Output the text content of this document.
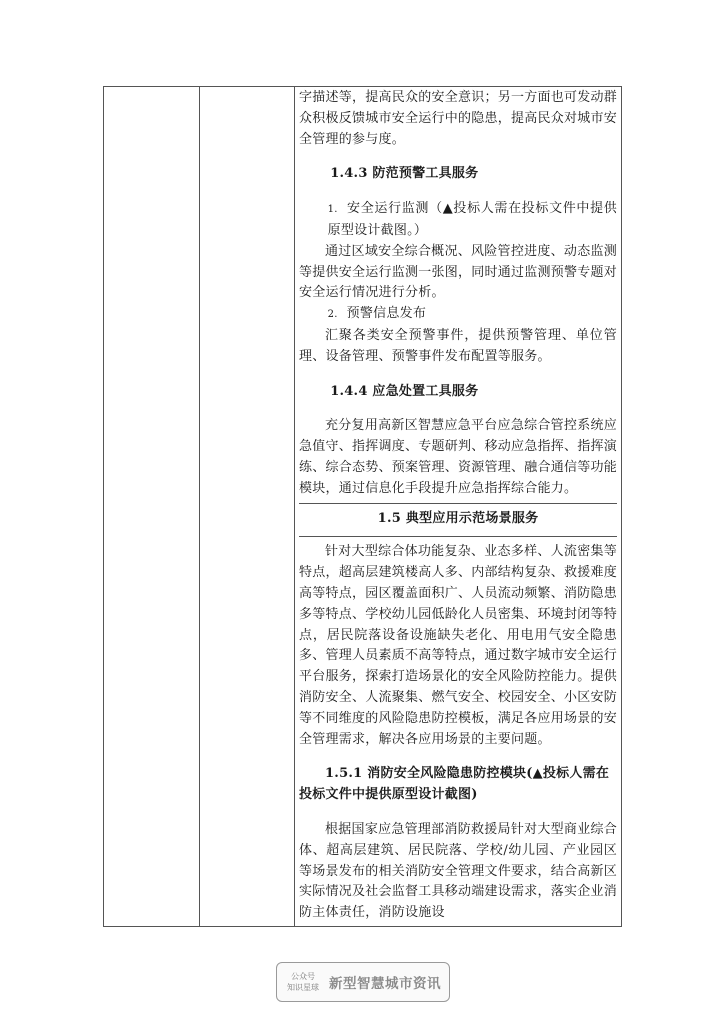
字描述等，提高民众的安全意识；另一方面也可发动群众积极反馈城市安全运行中的隐患，提高民众对城市安全管理的参与度。

1.4.3 防范预警工具服务

1. 安全运行监测（▲投标人需在投标文件中提供原型设计截图。）

通过区域安全综合概况、风险管控进度、动态监测等提供安全运行监测一张图，同时通过监测预警专题对安全运行情况进行分析。

2. 预警信息发布

汇聚各类安全预警事件，提供预警管理、单位管理、设备管理、预警事件发布配置等服务。

1.4.4 应急处置工具服务

充分复用高新区智慧应急平台应急综合管控系统应急值守、指挥调度、专题研判、移动应急指挥、指挥演练、综合态势、预案管理、资源管理、融合通信等功能模块，通过信息化手段提升应急指挥综合能力。

1.5 典型应用示范场景服务

针对大型综合体功能复杂、业态多样、人流密集等特点，超高层建筑楼高人多、内部结构复杂、救援难度高等特点，园区覆盖面积广、人员流动频繁、消防隐患多等特点、学校幼儿园低龄化人员密集、环境封闭等特点，居民院落设备设施缺失老化、用电用气安全隐患多、管理人员素质不高等特点，通过数字城市安全运行平台服务，探索打造场景化的安全风险防控能力。提供消防安全、人流聚集、燃气安全、校园安全、小区安防等不同维度的风险隐患防控模板，满足各应用场景的安全管理需求，解决各应用场景的主要问题。

1.5.1 消防安全风险隐患防控模块(▲投标人需在投标文件中提供原型设计截图)

根据国家应急管理部消防救援局针对大型商业综合体、超高层建筑、居民院落、学校/幼儿园、产业园区等场景发布的相关消防安全管理文件要求，结合高新区实际情况及社会监督工具移动端建设需求，落实企业消防主体责任，消防设施设

公众号
知识星球 新型智慧城市资讯
